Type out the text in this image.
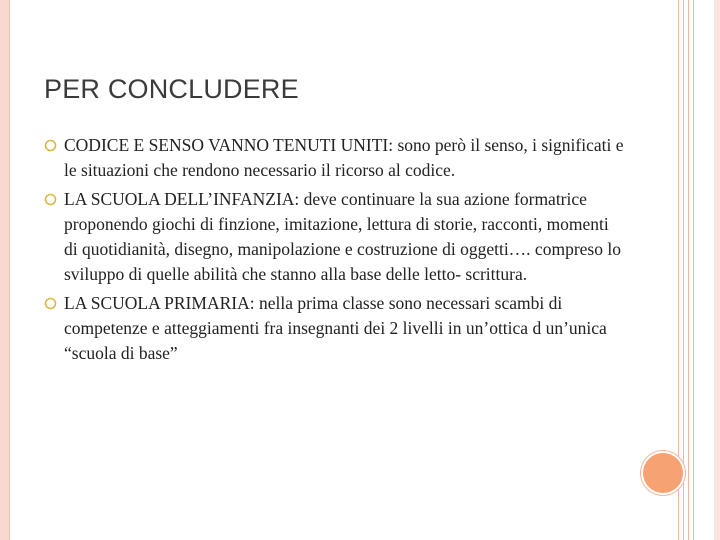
PER CONCLUDERE
CODICE E SENSO VANNO TENUTI UNITI: sono però il senso, i significati e le situazioni che rendono necessario il ricorso al codice.
LA SCUOLA DELL’INFANZIA: deve continuare la sua azione formatrice proponendo giochi di finzione, imitazione, lettura di storie, racconti, momenti di quotidianità, disegno, manipolazione e costruzione di oggetti…. compreso lo sviluppo di quelle abilità che stanno alla base delle letto- scrittura.
LA SCUOLA PRIMARIA: nella prima classe sono necessari scambi di competenze e atteggiamenti fra insegnanti dei 2 livelli in un’ottica d un’unica “scuola di base”
